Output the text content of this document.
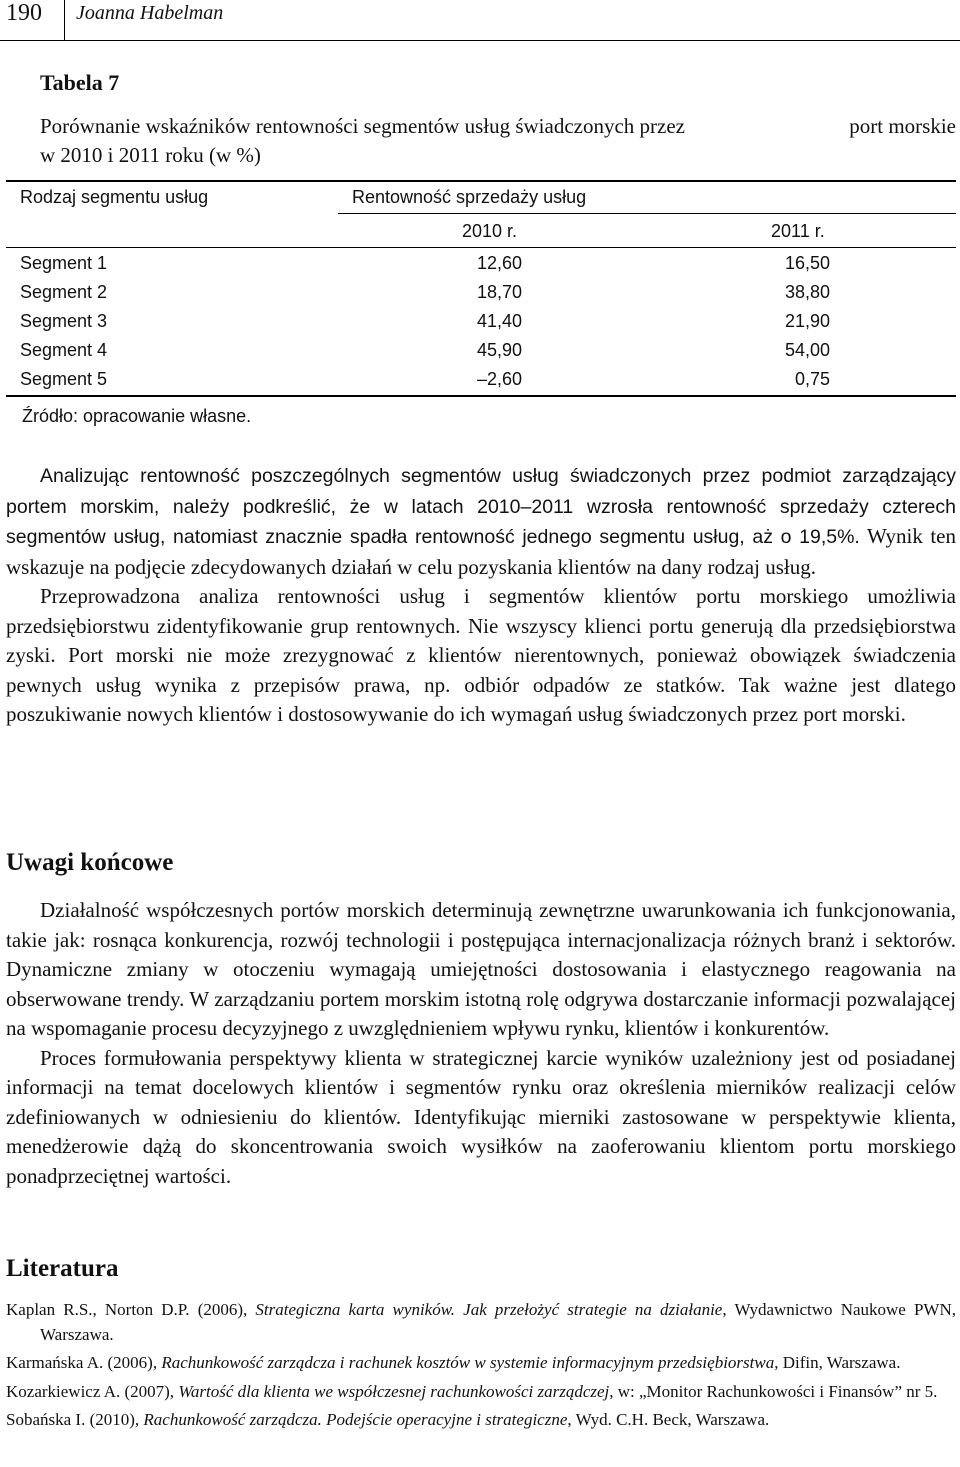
190 Joanna Habelman
Tabela 7
Porównanie wskaźników rentowności segmentów usług świadczonych przez	port morskie
w 2010 i 2011 roku (w %)
Rodzaj segmentu usług	Rentowność sprzedaży usług
2010 r.	2011 r.
Segment 1	12,60	16,50
Segment 2	18,70	38,80
Segment 3	41,40	21,90
Segment 4	45,90	54,00
Segment 5	–2,60	0,75
Źródło: opracowanie własne.

Analizując rentowność poszczególnych segmentów usług świadczonych przez podmiot zarządzający portem morskim, należy podkreślić, że w latach 2010–2011 wzrosła rentowność sprzedaży czterech segmentów usług, natomiast znacznie spadła rentowność jednego segmentu usług, aż o 19,5%. Wynik ten wskazuje na podjęcie zdecydowanych działań w celu pozyskania klientów na dany rodzaj usług.

Przeprowadzona analiza rentowności usług i segmentów klientów portu morskiego umożliwia przedsiębiorstwu zidentyfikowanie grup rentownych. Nie wszyscy klienci portu generują dla przedsiębiorstwa zyski. Port morski nie może zrezygnować z klientów nierentownych, ponieważ obowiązek świadczenia pewnych usług wynika z przepisów prawa, np. odbiór odpadów ze statków. Tak ważne jest dlatego poszukiwanie nowych klientów i dostosowywanie do ich wymagań usług świadczonych przez port morski.

Uwagi końcowe

Działalność współczesnych portów morskich determinują zewnętrzne uwarunkowania ich funkcjonowania, takie jak: rosnąca konkurencja, rozwój technologii i postępująca internacjonalizacja różnych branż i sektorów. Dynamiczne zmiany w otoczeniu wymagają umiejętności dostosowania i elastycznego reagowania na obserwowane trendy. W zarządzaniu portem morskim istotną rolę odgrywa dostarczanie informacji pozwalającej na wspomaganie procesu decyzyjnego z uwzględnieniem wpływu rynku, klientów i konkurentów.

Proces formułowania perspektywy klienta w strategicznej karcie wyników uzależniony jest od posiadanej informacji na temat docelowych klientów i segmentów rynku oraz określenia mierników realizacji celów zdefiniowanych w odniesieniu do klientów. Identyfikując mierniki zastosowane w perspektywie klienta, menedżerowie dążą do skoncentrowania swoich wysiłków na zaoferowaniu klientom portu morskiego ponadprzeciętnej wartości.

Literatura
Kaplan R.S., Norton D.P. (2006), Strategiczna karta wyników. Jak przełożyć strategie na działanie, Wydawnictwo Naukowe PWN, Warszawa.
Karmańska A. (2006), Rachunkowość zarządcza i rachunek kosztów w systemie informacyjnym przedsiębiorstwa, Difin, Warszawa.
Kozarkiewicz A. (2007), Wartość dla klienta we współczesnej rachunkowości zarządczej, w: „Monitor Rachunkowości i Finansów” nr 5.
Sobańska I. (2010), Rachunkowość zarządcza. Podejście operacyjne i strategiczne, Wyd. C.H. Beck, Warszawa.
